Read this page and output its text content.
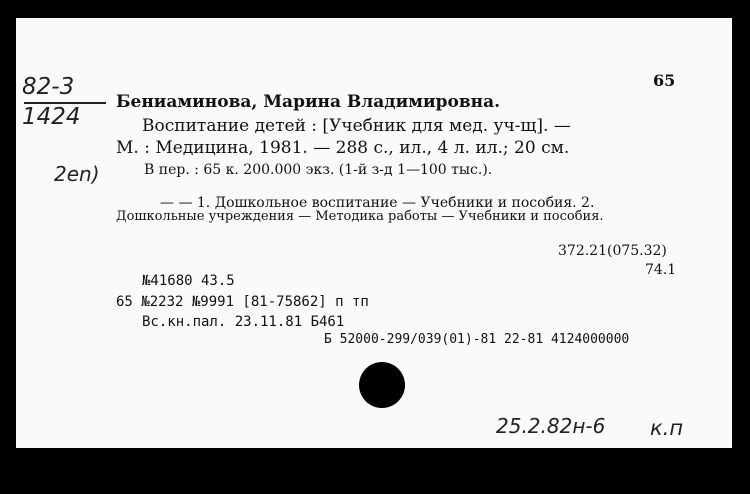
82-3
1424
65
Бениаминова, Марина Владимировна.
Воспитание детей : [Учебник для мед. уч-щ]. —
М. : Медицина, 1981. — 288 с., ил., 4 л. ил.; 20 см.
2en)	В пер. : 65 к. 200.000 экз. (1-й з-д 1—100 тыс.).
— — 1. Дошкольное воспитание — Учебники и пособия. 2.
Дошкольные учреждения — Методика работы — Учебники и пособия.
372.21(075.32)
74.1
№41680 43.5
65 №2232 №9991 [81-75862] п тп
Вс.кн.пал. 23.11.81 Б461
Б 52000-299/039(01)-81 22-81 4124000000
25.2.82н-6 к.п
